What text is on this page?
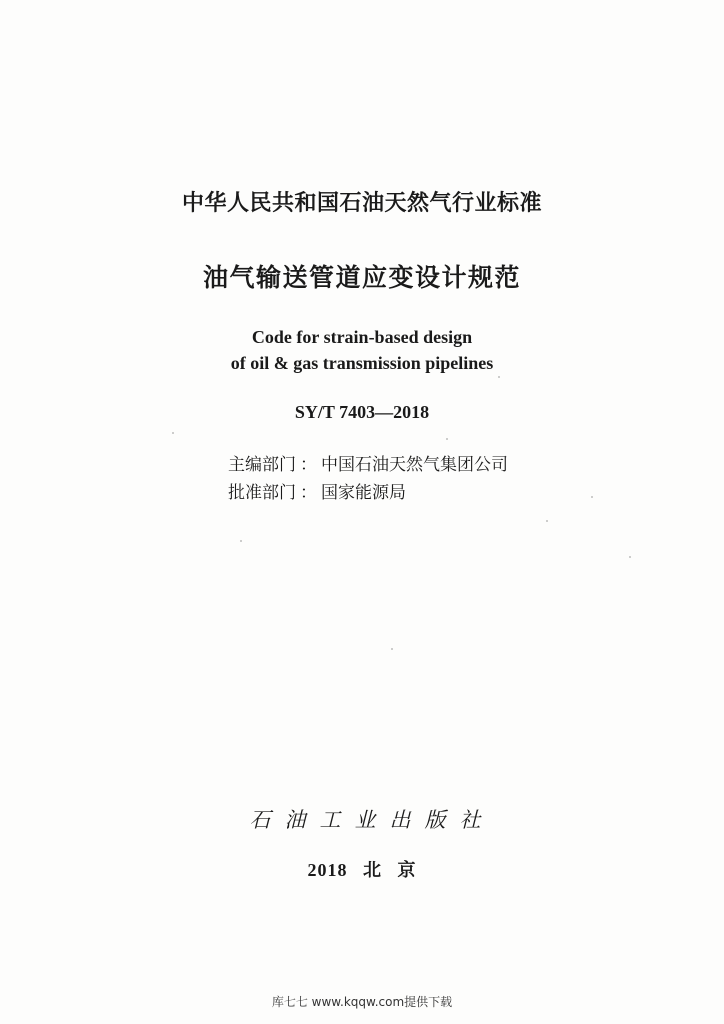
中华人民共和国石油天然气行业标准
油气输送管道应变设计规范
Code for strain-based design
of oil & gas transmission pipelines
SY/T 7403—2018
主编部门 ： 中国石油天然气集团公司
批准部门 ： 国家能源局
石油工业出版社
2018 北 京
库七七 www.kqqw.com提供下载
